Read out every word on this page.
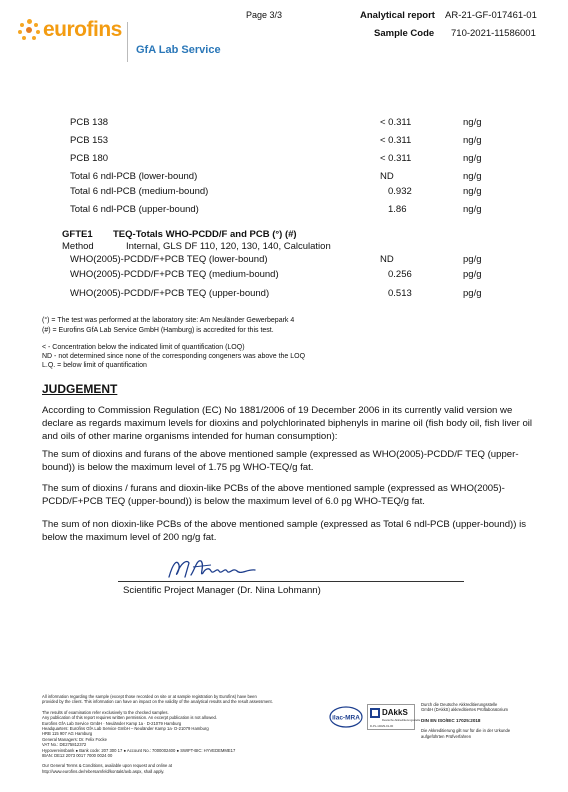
eurofins
GfA Lab Service
Page 3/3	Analytical report AR-21-GF-017461-01
Sample Code 710-2021-11586001
PCB 138	< 0.311	ng/g
PCB 153	< 0.311	ng/g
PCB 180	< 0.311	ng/g
Total 6 ndl-PCB (lower-bound)	ND	ng/g
Total 6 ndl-PCB (medium-bound)	0.932	ng/g
Total 6 ndl-PCB (upper-bound)	1.86	ng/g
GFTE1 TEQ-Totals WHO-PCDD/F and PCB (°) (#)
Method	Internal, GLS DF 110, 120, 130, 140, Calculation
WHO(2005)-PCDD/F+PCB TEQ (lower-bound)	ND	pg/g
WHO(2005)-PCDD/F+PCB TEQ (medium-bound)	0.256	pg/g
WHO(2005)-PCDD/F+PCB TEQ (upper-bound)	0.513	pg/g
(°) = The test was performed at the laboratory site: Am Neuländer Gewerbepark 4
(#) = Eurofins GfA Lab Service GmbH (Hamburg) is accredited for this test.
< - Concentration below the indicated limit of quantification (LOQ)
ND - not determined since none of the corresponding congeners was above the LOQ
L.Q. = below limit of quantification
JUDGEMENT
According to Commission Regulation (EC) No 1881/2006 of 19 December 2006 in its currently valid version we declare as regards maximum levels for dioxins and polychlorinated biphenyls in marine oil (fish body oil, fish liver oil and oils of other marine organisms intended for human consumption):
The sum of dioxins and furans of the above mentioned sample (expressed as WHO(2005)-PCDD/F TEQ (upper-bound)) is below the maximum level of 1.75 pg WHO-TEQ/g fat.
The sum of dioxins / furans and dioxin-like PCBs of the above mentioned sample (expressed as WHO(2005)-PCDD/F+PCB TEQ (upper-bound)) is below the maximum level of 6.0 pg WHO-TEQ/g fat.
The sum of non dioxin-like PCBs of the above mentioned sample (expressed as Total 6 ndl-PCB (upper-bound)) is below the maximum level of 200 ng/g fat.
Scientific Project Manager (Dr. Nina Lohmann)
All information regarding the sample (except those recorded on site or at sample registration by Eurofins) have been
provided by the client. This information can have an impact on the validity of the analytical results and the result assessment.
The results of examination refer exclusively to the checked samples.
Any publication of this report requires written permission. An excerpt publication is not allowed.
Eurofins GfA Lab Service GmbH · Neuländer Kamp 1a · D-21079 Hamburg
Headquarters: Eurofins GfA Lab Service GmbH – Neuländer Kamp 1a· D-21079 Hamburg
HRB 115 907 AG Hamburg
General Managers: Dr. Felix Focke
VAT No.: DE275812372
Hypovereinsbank ● Bank code: 207 300 17 ● Account No.: 7000002400 ● SWIFT-BIC: HYVEDEMME17
IBAN: DE12 2073 0017 7000 0024 00
Our General Terms & Conditions, available upon request and online at
http://www.eurofins.de/rebersamfeld/kontakt/avb.aspx, shall apply.
ilac-MRA
DAkkS
Deutsche Akkreditierungsstelle
D-PL-14629-01-00
Durch die Deutsche Akkreditierungsstelle
GmbH (DAkkS) akkreditiertes Prüflaboratorium
DIN EN ISO/IEC 17025:2018
Die Akkreditierung gilt nur für die in der Urkunde
aufgeführten Prüfverfahren
